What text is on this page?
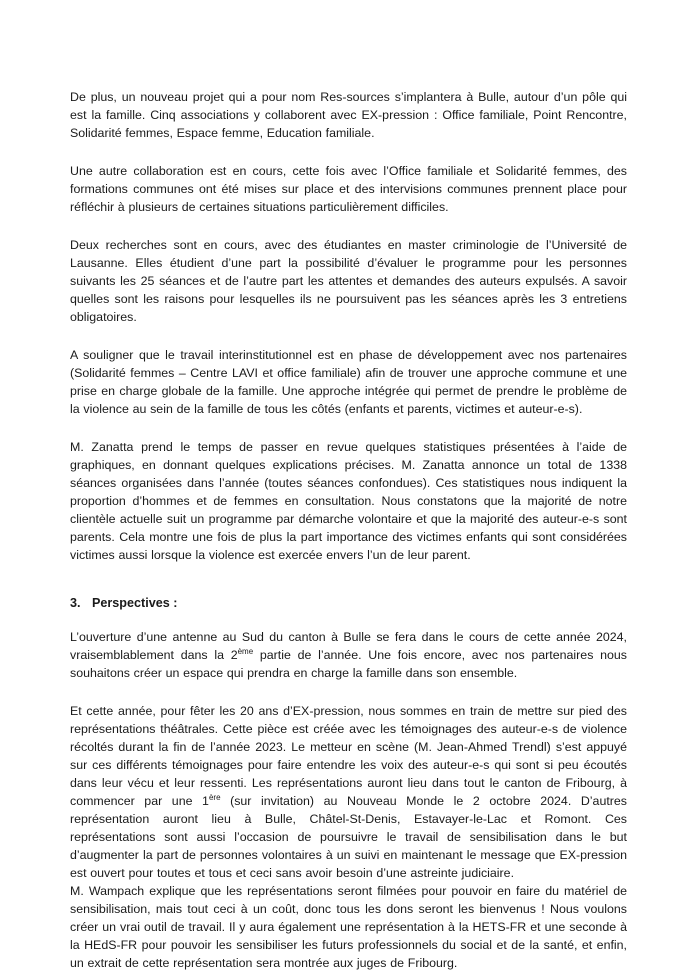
De plus, un nouveau projet qui a pour nom Res-sources s’implantera à Bulle, autour d’un pôle qui est la famille. Cinq associations y collaborent avec EX-pression : Office familiale, Point Rencontre, Solidarité femmes, Espace femme, Education familiale.

Une autre collaboration est en cours, cette fois avec l’Office familiale et Solidarité femmes, des formations communes ont été mises sur place et des intervisions communes prennent place pour réfléchir à plusieurs de certaines situations particulièrement difficiles.

Deux recherches sont en cours, avec des étudiantes en master criminologie de l’Université de Lausanne. Elles étudient d’une part la possibilité d’évaluer le programme pour les personnes suivants les 25 séances et de l’autre part les attentes et demandes des auteurs expulsés. A savoir quelles sont les raisons pour lesquelles ils ne poursuivent pas les séances après les 3 entretiens obligatoires.

A souligner que le travail interinstitutionnel est en phase de développement avec nos partenaires (Solidarité femmes – Centre LAVI et office familiale) afin de trouver une approche commune et une prise en charge globale de la famille. Une approche intégrée qui permet de prendre le problème de la violence au sein de la famille de tous les côtés (enfants et parents, victimes et auteur-e-s).

M. Zanatta prend le temps de passer en revue quelques statistiques présentées à l’aide de graphiques, en donnant quelques explications précises. M. Zanatta annonce un total de 1338 séances organisées dans l’année (toutes séances confondues). Ces statistiques nous indiquent la proportion d’hommes et de femmes en consultation. Nous constatons que la majorité de notre clientèle actuelle suit un programme par démarche volontaire et que la majorité des auteur-e-s sont parents. Cela montre une fois de plus la part importance des victimes enfants qui sont considérées victimes aussi lorsque la violence est exercée envers l’un de leur parent.

3. Perspectives :

L’ouverture d’une antenne au Sud du canton à Bulle se fera dans le cours de cette année 2024, vraisemblablement dans la 2ème partie de l’année. Une fois encore, avec nos partenaires nous souhaitons créer un espace qui prendra en charge la famille dans son ensemble.

Et cette année, pour fêter les 20 ans d’EX-pression, nous sommes en train de mettre sur pied des représentations théâtrales. Cette pièce est créée avec les témoignages des auteur-e-s de violence récoltés durant la fin de l’année 2023. Le metteur en scène (M. Jean-Ahmed Trendl) s’est appuyé sur ces différents témoignages pour faire entendre les voix des auteur-e-s qui sont si peu écoutés dans leur vécu et leur ressenti. Les représentations auront lieu dans tout le canton de Fribourg, à commencer par une 1ère (sur invitation) au Nouveau Monde le 2 octobre 2024. D’autres représentation auront lieu à Bulle, Châtel-St-Denis, Estavayer-le-Lac et Romont. Ces représentations sont aussi l’occasion de poursuivre le travail de sensibilisation dans le but d’augmenter la part de personnes volontaires à un suivi en maintenant le message que EX-pression est ouvert pour toutes et tous et ceci sans avoir besoin d’une astreinte judiciaire.

M. Wampach explique que les représentations seront filmées pour pouvoir en faire du matériel de sensibilisation, mais tout ceci à un coût, donc tous les dons seront les bienvenus ! Nous voulons créer un vrai outil de travail. Il y aura également une représentation à la HETS-FR et une seconde à la HEdS-FR pour pouvoir les sensibiliser les futurs professionnels du social et de la santé, et enfin, un extrait de cette représentation sera montrée aux juges de Fribourg.
